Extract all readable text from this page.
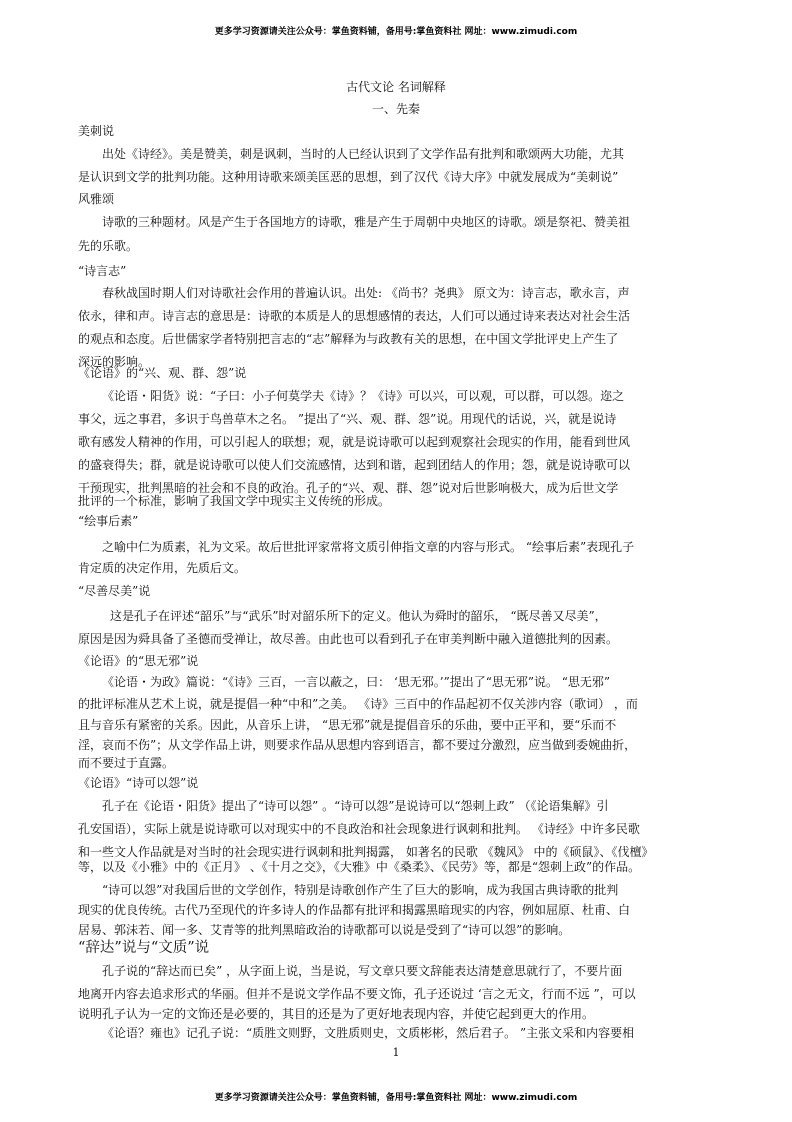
更多学习资源请关注公众号：掌鱼资料铺，备用号:掌鱼资料社 网址：www.zimudi.com
古代文论 名词解释
一、先秦
美刺说
出处《诗经》。美是赞美，刺是讽刺，当时的人已经认识到了文学作品有批判和歌颂两大功能，尤其
是认识到文学的批判功能。这种用诗歌来颂美匡恶的思想，到了汉代《诗大序》中就发展成为“美刺说”
风雅颂
诗歌的三种题材。风是产生于各国地方的诗歌，雅是产生于周朝中央地区的诗歌。颂是祭祀、赞美祖
先的乐歌。
“诗言志”
春秋战国时期人们对诗歌社会作用的普遍认识。出处: 《尚书？尧典》 原文为：诗言志，歌永言，声
依永，律和声。诗言志的意思是：诗歌的本质是人的思想感情的表达，人们可以通过诗来表达对社会生活
的观点和态度。后世儒家学者特别把言志的“志”解释为与政教有关的思想，在中国文学批评史上产生了
深远的影响。
《论语》的“兴、观、群、怨”说
《论语・阳货》说：“子曰：小子何莫学夫《诗》？《诗》可以兴，可以观，可以群，可以怨。迩之
事父，远之事君，多识于鸟兽草木之名。 ”提出了“兴、观、群、怨”说。用现代的话说，兴，就是说诗
歌有感发人精神的作用，可以引起人的联想；观，就是说诗歌可以起到观察社会现实的作用，能看到世风
的盛衰得失；群，就是说诗歌可以使人们交流感情，达到和谐，起到团结人的作用；怨，就是说诗歌可以
干预现实，批判黑暗的社会和不良的政治。孔子的“兴、观、群、怨”说对后世影响极大，成为后世文学
批评的一个标准，影响了我国文学中现实主义传统的形成。
“绘事后素”
之喻中仁为质素，礼为文采。故后世批评家常将文质引伸指文章的内容与形式。 “绘事后素”表现孔子
肯定质的决定作用，先质后文。
“尽善尽美”说
这是孔子在评述“韶乐”与“武乐”时对韶乐所下的定义。他认为舜时的韶乐， “既尽善又尽美”，
原因是因为舜具备了圣德而受禅让，故尽善。由此也可以看到孔子在审美判断中融入道德批判的因素。
《论语》的“思无邪”说
《论语・为政》篇说：“《诗》三百，一言以蔽之，曰： ‘思无邪。’”提出了“思无邪”说。 “思无邪”
的批评标准从艺术上说，就是提倡一种“中和”之美。 《诗》三百中的作品起初不仅关涉内容（歌词） ，而
且与音乐有紧密的关系。因此，从音乐上讲， “思无邪”就是提倡音乐的乐曲，要中正平和，要“乐而不
淫，哀而不伤”；从文学作品上讲，则要求作品从思想内容到语言，都不要过分激烈，应当做到委婉曲折，
而不要过于直露。
《论语》“诗可以怨”说
孔子在《论语・阳货》提出了“诗可以怨” 。“诗可以怨”是说诗可以“怨刺上政” （《论语集解》引
孔安国语），实际上就是说诗歌可以对现实中的不良政治和社会现象进行讽刺和批判。 《诗经》中许多民歌
和一些文人作品就是对当时的社会现实进行讽刺和批判揭露， 如著名的民歌 《魏风》 中的《硕鼠》、《伐檀》
等，以及《小雅》中的《正月》 、《十月之交》，《大雅》中《桑柔》、《民劳》等，都是“怨刺上政”的作品。
“诗可以怨”对我国后世的文学创作，特别是诗歌创作产生了巨大的影响，成为我国古典诗歌的批判
现实的优良传统。古代乃至现代的许多诗人的作品都有批评和揭露黑暗现实的内容，例如屈原、杜甫、白
居易、郭沫若、闻一多、艾青等的批判黑暗政治的诗歌都可以说是受到了“诗可以怨”的影响。
“辞达”说与“文质”说
孔子说的“辞达而已矣” ，从字面上说，当是说，写文章只要文辞能表达清楚意思就行了，不要片面
地离开内容去追求形式的华丽。但并不是说文学作品不要文饰，孔子还说过 ‘言之无文，行而不远 ”，可以
说明孔子认为一定的文饰还是必要的，其目的还是为了更好地表现内容，并使它起到更大的作用。
《论语？雍也》记孔子说：“质胜文则野，文胜质则史，文质彬彬，然后君子。 ”主张文采和内容要相
1
更多学习资源请关注公众号：掌鱼资料铺，备用号:掌鱼资料社 网址：www.zimudi.com
